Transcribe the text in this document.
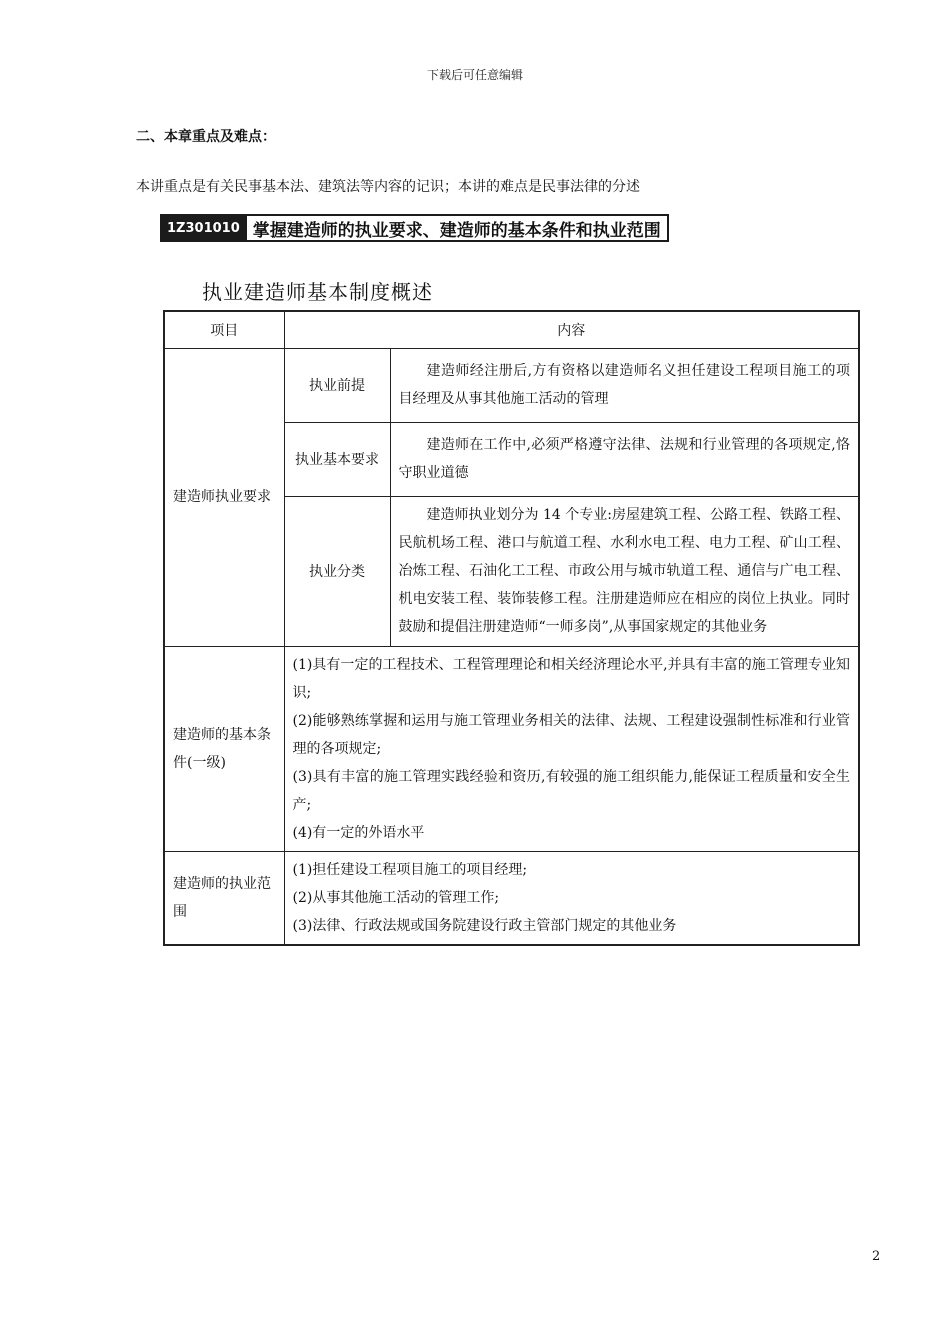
下载后可任意编辑
二、本章重点及难点：
本讲重点是有关民事基本法、建筑法等内容的记识；本讲的难点是民事法律的分述
1Z301010 掌握建造师的执业要求、建造师的基本条件和执业范围
执业建造师基本制度概述
项目	内容	
建造师执业要求	执业前提	建造师经注册后,方有资格以建造师名义担任建设工程项目施工的项目经理及从事其他施工活动的管理
	执业基本要求	建造师在工作中,必须严格遵守法律、法规和行业管理的各项规定,恪守职业道德
	执业分类	建造师执业划分为 14 个专业:房屋建筑工程、公路工程、铁路工程、民航机场工程、港口与航道工程、水利水电工程、电力工程、矿山工程、冶炼工程、石油化工工程、市政公用与城市轨道工程、通信与广电工程、机电安装工程、装饰装修工程。注册建造师应在相应的岗位上执业。同时鼓励和提倡注册建造师“一师多岗”,从事国家规定的其他业务
建造师的基本条件(一级)	(1)具有一定的工程技术、工程管理理论和相关经济理论水平,并具有丰富的施工管理专业知识;
(2)能够熟练掌握和运用与施工管理业务相关的法律、法规、工程建设强制性标准和行业管理的各项规定;
(3)具有丰富的施工管理实践经验和资历,有较强的施工组织能力,能保证工程质量和安全生产;
(4)有一定的外语水平	

建造师的执业范围	(1)担任建设工程项目施工的项目经理;
(2)从事其他施工活动的管理工作;
(3)法律、行政法规或国务院建设行政主管部门规定的其他业务	
2
